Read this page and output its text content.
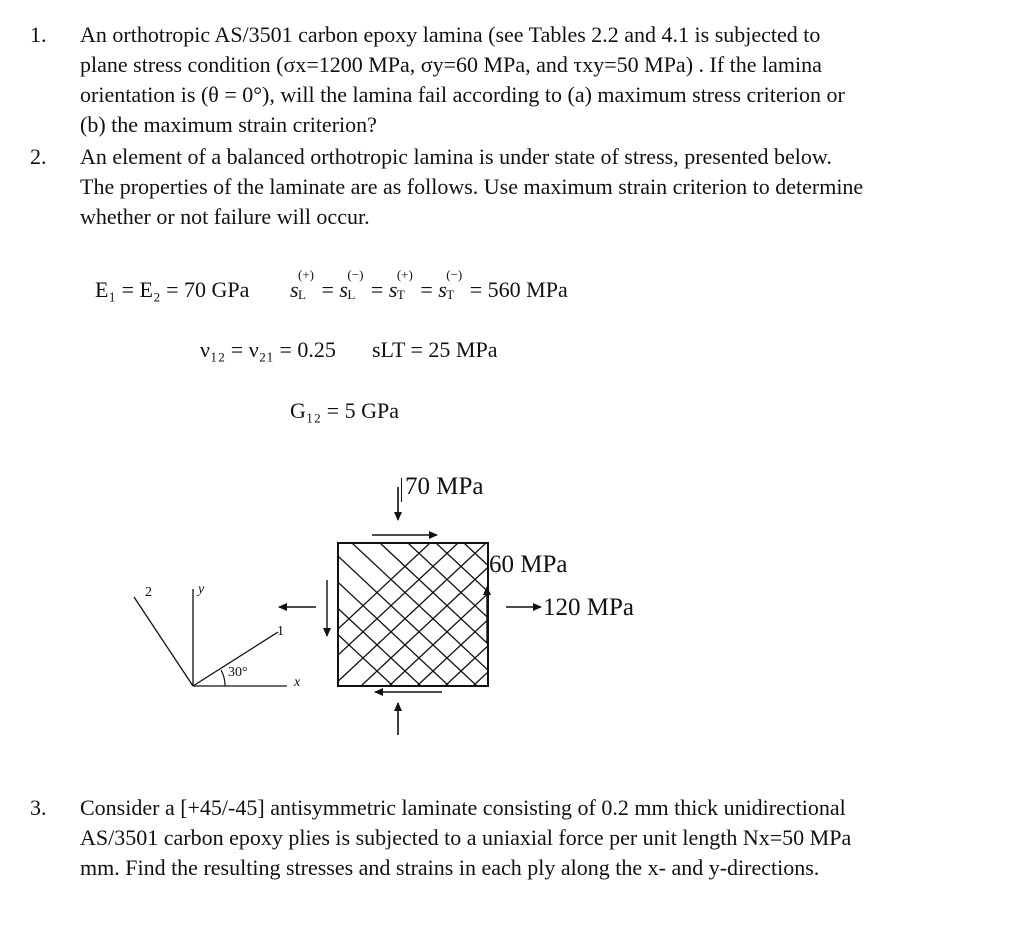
1.	An orthotropic AS/3501 carbon epoxy lamina (see Tables 2.2 and 4.1 is subjected to
plane stress condition (σx=1200 MPa, σy=60 MPa, and τxy=50 MPa) . If the lamina
orientation is (θ = 0°), will the lamina fail according to (a) maximum stress criterion or
(b) the maximum strain criterion?
2.	An element of a balanced orthotropic lamina is under state of stress, presented below.
The properties of the laminate are as follows. Use maximum strain criterion to determine
whether or not failure will occur.
E₁ = E₂ = 70 GPa s
(+)
L = s
(−)
L = s
(+)
T = s
(−)
T = 560 MPa
ν₁₂ = ν₂₁ = 0.25 sLT = 25 MPa
G₁₂ = 5 GPa
70 MPa
60 MPa
120 MPa
2	y
1
x
30°
3.	Consider a [+45/-45] antisymmetric laminate consisting of 0.2 mm thick unidirectional
AS/3501 carbon epoxy plies is subjected to a uniaxial force per unit length Nx=50 MPa
mm. Find the resulting stresses and strains in each ply along the x- and y-directions.
